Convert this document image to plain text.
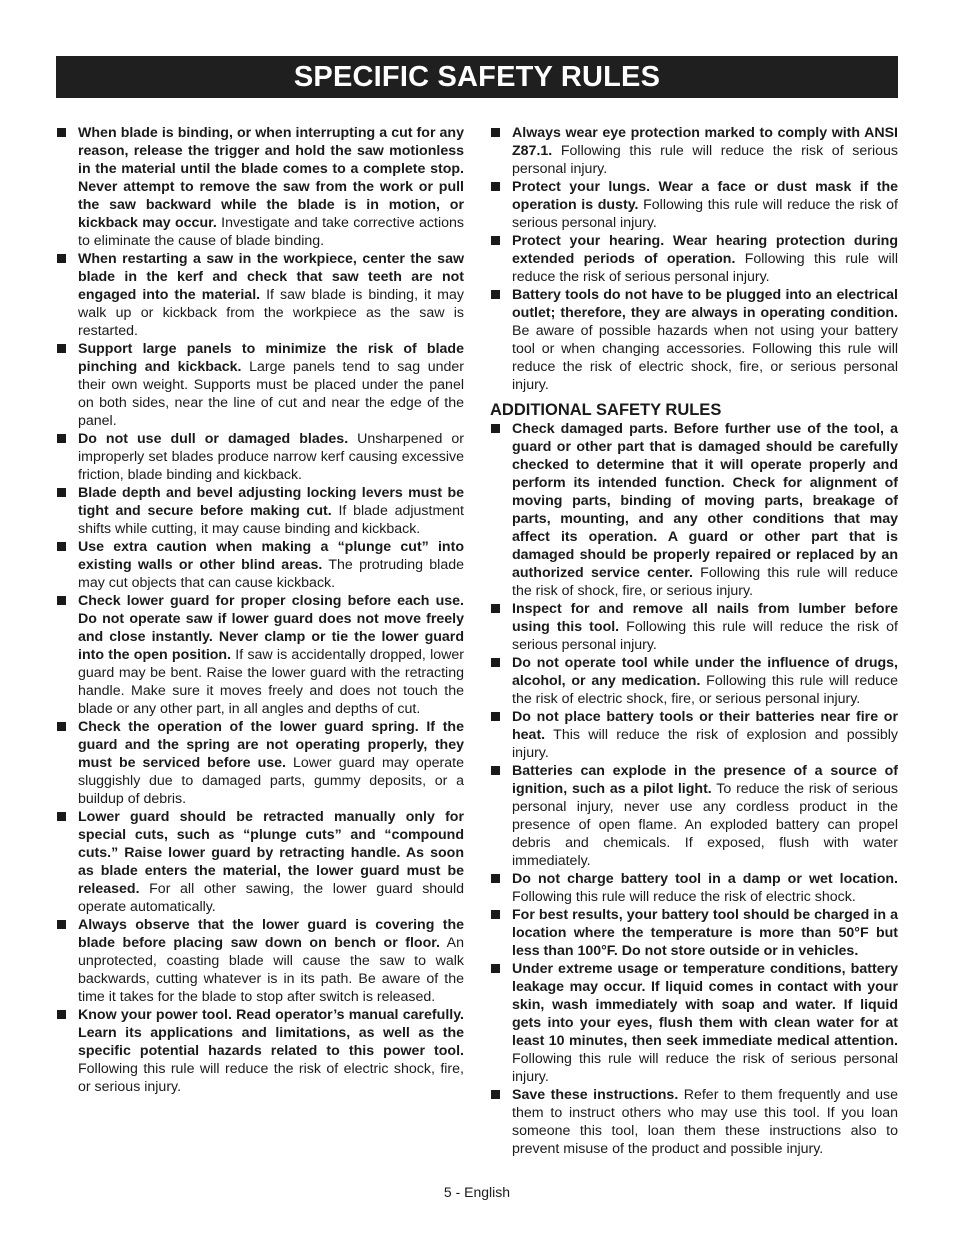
SPECIFIC SAFETY RULES
When blade is binding, or when interrupting a cut for any reason, release the trigger and hold the saw motionless in the material until the blade comes to a complete stop. Never attempt to remove the saw from the work or pull the saw backward while the blade is in motion, or kickback may occur. Investigate and take corrective actions to eliminate the cause of blade binding.
When restarting a saw in the workpiece, center the saw blade in the kerf and check that saw teeth are not engaged into the material. If saw blade is binding, it may walk up or kickback from the workpiece as the saw is restarted.
Support large panels to minimize the risk of blade pinching and kickback. Large panels tend to sag under their own weight. Supports must be placed under the panel on both sides, near the line of cut and near the edge of the panel.
Do not use dull or damaged blades. Unsharpened or improperly set blades produce narrow kerf causing excessive friction, blade binding and kickback.
Blade depth and bevel adjusting locking levers must be tight and secure before making cut. If blade adjustment shifts while cutting, it may cause binding and kickback.
Use extra caution when making a “plunge cut” into existing walls or other blind areas. The protruding blade may cut objects that can cause kickback.
Check lower guard for proper closing before each use. Do not operate saw if lower guard does not move freely and close instantly. Never clamp or tie the lower guard into the open position. If saw is accidentally dropped, lower guard may be bent. Raise the lower guard with the retracting handle. Make sure it moves freely and does not touch the blade or any other part, in all angles and depths of cut.
Check the operation of the lower guard spring. If the guard and the spring are not operating properly, they must be serviced before use. Lower guard may operate sluggishly due to damaged parts, gummy deposits, or a buildup of debris.
Lower guard should be retracted manually only for special cuts, such as “plunge cuts” and “compound cuts.” Raise lower guard by retracting handle. As soon as blade enters the material, the lower guard must be released. For all other sawing, the lower guard should operate automatically.
Always observe that the lower guard is covering the blade before placing saw down on bench or floor. An unprotected, coasting blade will cause the saw to walk backwards, cutting whatever is in its path. Be aware of the time it takes for the blade to stop after switch is released.
Know your power tool. Read operator’s manual carefully. Learn its applications and limitations, as well as the specific potential hazards related to this power tool. Following this rule will reduce the risk of electric shock, fire, or serious injury.
Always wear eye protection marked to comply with ANSI Z87.1. Following this rule will reduce the risk of serious personal injury.
Protect your lungs. Wear a face or dust mask if the operation is dusty. Following this rule will reduce the risk of serious personal injury.
Protect your hearing. Wear hearing protection during extended periods of operation. Following this rule will reduce the risk of serious personal injury.
Battery tools do not have to be plugged into an electrical outlet; therefore, they are always in operating condition. Be aware of possible hazards when not using your battery tool or when changing accessories. Following this rule will reduce the risk of electric shock, fire, or serious personal injury.
ADDITIONAL SAFETY RULES
Check damaged parts. Before further use of the tool, a guard or other part that is damaged should be carefully checked to determine that it will operate properly and perform its intended function. Check for alignment of moving parts, binding of moving parts, breakage of parts, mounting, and any other conditions that may affect its operation. A guard or other part that is damaged should be properly repaired or replaced by an authorized service center. Following this rule will reduce the risk of shock, fire, or serious injury.
Inspect for and remove all nails from lumber before using this tool. Following this rule will reduce the risk of serious personal injury.
Do not operate tool while under the influence of drugs, alcohol, or any medication. Following this rule will reduce the risk of electric shock, fire, or serious personal injury.
Do not place battery tools or their batteries near fire or heat. This will reduce the risk of explosion and possibly injury.
Batteries can explode in the presence of a source of ignition, such as a pilot light. To reduce the risk of serious personal injury, never use any cordless product in the presence of open flame. An exploded battery can propel debris and chemicals. If exposed, flush with water immediately.
Do not charge battery tool in a damp or wet location. Following this rule will reduce the risk of electric shock.
For best results, your battery tool should be charged in a location where the temperature is more than 50°F but less than 100°F. Do not store outside or in vehicles.
Under extreme usage or temperature conditions, battery leakage may occur. If liquid comes in contact with your skin, wash immediately with soap and water. If liquid gets into your eyes, flush them with clean water for at least 10 minutes, then seek immediate medical attention. Following this rule will reduce the risk of serious personal injury.
Save these instructions. Refer to them frequently and use them to instruct others who may use this tool. If you loan someone this tool, loan them these instructions also to prevent misuse of the product and possible injury.
5 - English
